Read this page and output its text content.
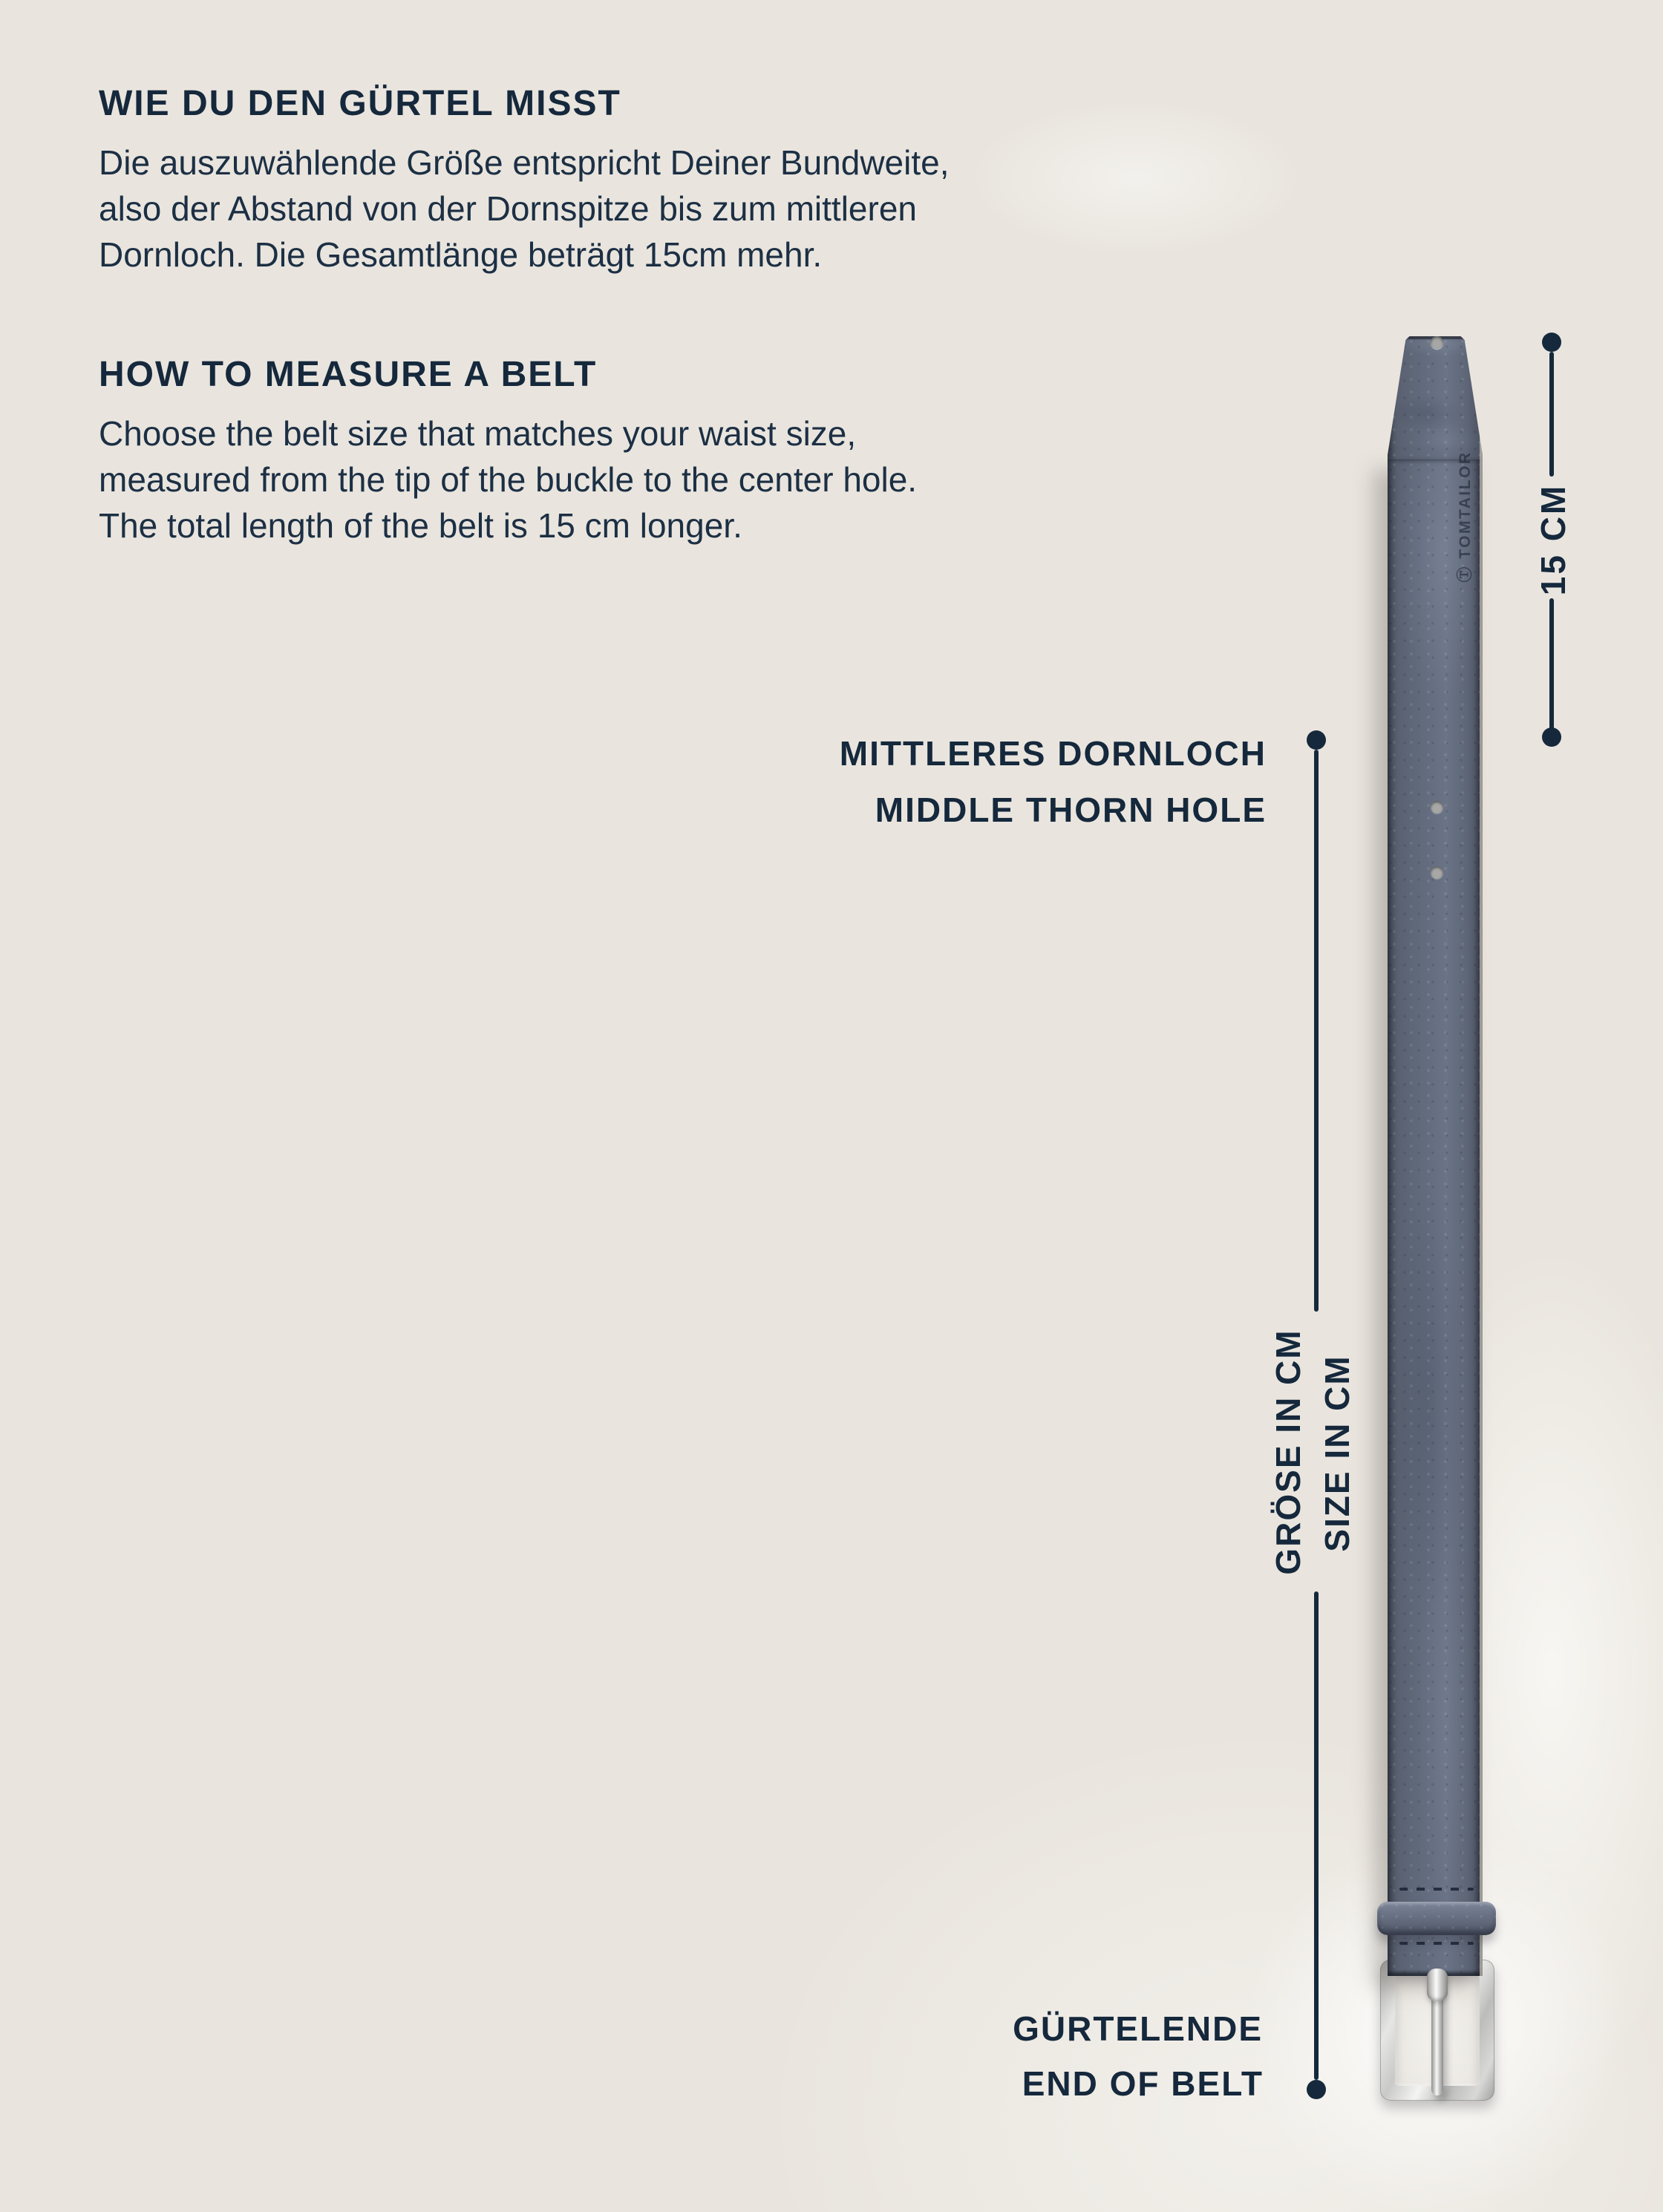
WIE DU DEN GÜRTEL MISST
Die auszuwählende Größe entspricht Deiner Bundweite,
also der Abstand von der Dornspitze bis zum mittleren
Dornloch. Die Gesamtlänge beträgt 15cm mehr.
HOW TO MEASURE A BELT
Choose the belt size that matches your waist size,
measured from the tip of the buckle to the center hole.
The total length of the belt is 15 cm longer.	Ⓣ TOMTAILOR 15 CM
MITTLERES DORNLOCH
MIDDLE THORN HOLE
GRÖSE IN CM SIZE IN CM
GÜRTELENDE
END OF BELT
